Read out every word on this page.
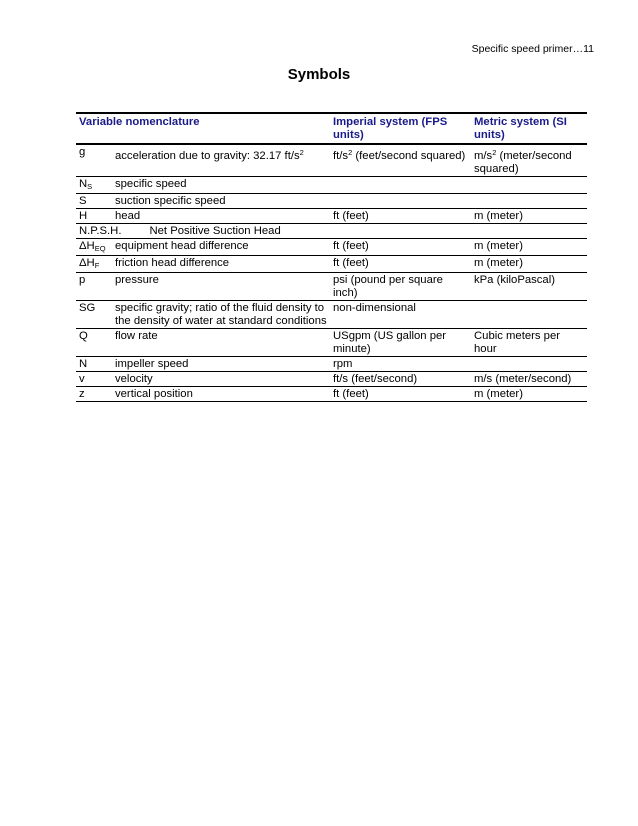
Specific speed primer…11
Symbols
Variable nomenclature		Imperial system (FPS units)	Metric system (SI units)
g	acceleration due to gravity: 32.17 $ft/s^2$	$ft/s^2$ (feet/second squared)	$m/s^2$ (meter/second squared)
$N_S$	specific speed		
S	suction specific speed		
H	head	ft (feet)	m (meter)
N.P.S.H. Net Positive Suction Head			
$\Delta H_{EQ}$	equipment head difference	ft (feet)	m (meter)
$\Delta H_F$	friction head difference	ft (feet)	m (meter)
p	pressure	psi (pound per square inch)	kPa (kiloPascal)
SG	specific gravity; ratio of the fluid density to the density of water at standard conditions	non-dimensional	
Q	flow rate	USgpm (US gallon per minute)	Cubic meters per hour
N	impeller speed	rpm	
v	velocity	ft/s (feet/second)	m/s (meter/second)
z	vertical position	ft (feet)	m (meter)
